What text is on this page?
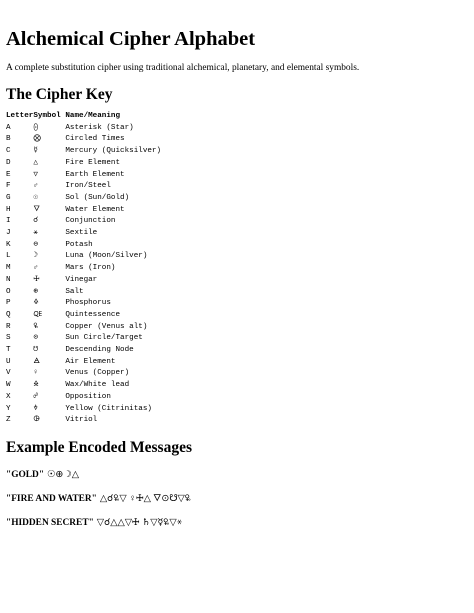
Alchemical Cipher Alphabet

A complete substitution cipher using traditional alchemical, planetary, and elemental symbols.

The Cipher Key
Letter	Symbol	Name/Meaning
A	⨀	Asterisk (Star)
B	⨂	Circled Times
C	☿	Mercury (Quicksilver)
D	△	Fire Element
E	▽	Earth Element
F	♂	Iron/Steel
G	☉	Sol (Sun/Gold)
H	🜄	Water Element
I	☌	Conjunction
J	⚹	Sextile
K	⊖	Potash
L	☽	Luna (Moon/Silver)
M	♂	Mars (Iron)
N	🜊	Vinegar
O	⊕	Salt
P	🜍	Phosphorus
Q	🜀	Quintessence
R	🜠	Copper (Venus alt)
S	⊙	Sun Circle/Target
T	☋	Descending Node
U	🜁	Air Element
V	♀	Venus (Copper)
W	🜎	Wax/White lead
X	☍	Opposition
Y	🜞	Yellow (Citrinitas)
Z	🜖	Vitriol
Example Encoded Messages

"GOLD" ☉⊕☽△

"FIRE AND WATER" △☌🜠▽ ♀🜊△ 🜄⊙☋▽🜠

"HIDDEN SECRET" ▽☌△△▽🜊 ♄▽☿🜠▽⚹
